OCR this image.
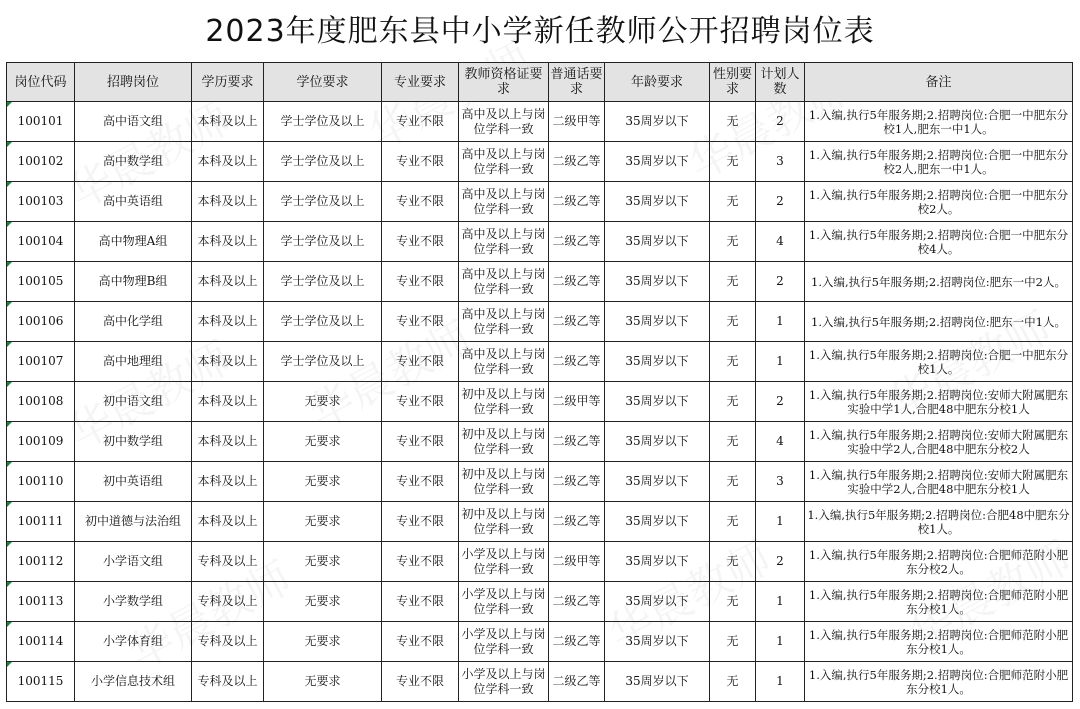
2023年度肥东县中小学新任教师公开招聘岗位表
岗位代码	招聘岗位	学历要求	学位要求	专业要求	教师资格证要求	普通话要求	年龄要求	性别要求	计划人数	备注
100101	高中语文组	本科及以上	学士学位及以上	专业不限	高中及以上与岗位学科一致	二级甲等	35周岁以下	无	2	1.入编,执行5年服务期;2.招聘岗位:合肥一中肥东分校1人,肥东一中1人。
100102	高中数学组	本科及以上	学士学位及以上	专业不限	高中及以上与岗位学科一致	二级乙等	35周岁以下	无	3	1.入编,执行5年服务期;2.招聘岗位:合肥一中肥东分校2人,肥东一中1人。
100103	高中英语组	本科及以上	学士学位及以上	专业不限	高中及以上与岗位学科一致	二级乙等	35周岁以下	无	2	1.入编,执行5年服务期;2.招聘岗位:合肥一中肥东分校2人。
100104	高中物理A组	本科及以上	学士学位及以上	专业不限	高中及以上与岗位学科一致	二级乙等	35周岁以下	无	4	1.入编,执行5年服务期;2.招聘岗位:合肥一中肥东分校4人。
100105	高中物理B组	本科及以上	学士学位及以上	专业不限	高中及以上与岗位学科一致	二级乙等	35周岁以下	无	2	1.入编,执行5年服务期;2.招聘岗位:肥东一中2人。
100106	高中化学组	本科及以上	学士学位及以上	专业不限	高中及以上与岗位学科一致	二级乙等	35周岁以下	无	1	1.入编,执行5年服务期;2.招聘岗位:肥东一中1人。
100107	高中地理组	本科及以上	学士学位及以上	专业不限	高中及以上与岗位学科一致	二级乙等	35周岁以下	无	1	1.入编,执行5年服务期;2.招聘岗位:合肥一中肥东分校1人。
100108	初中语文组	本科及以上	无要求	专业不限	初中及以上与岗位学科一致	二级甲等	35周岁以下	无	2	1.入编,执行5年服务期;2.招聘岗位:安师大附属肥东实验中学1人,合肥48中肥东分校1人
100109	初中数学组	本科及以上	无要求	专业不限	初中及以上与岗位学科一致	二级乙等	35周岁以下	无	4	1.入编,执行5年服务期;2.招聘岗位:安师大附属肥东实验中学2人,合肥48中肥东分校2人
100110	初中英语组	本科及以上	无要求	专业不限	初中及以上与岗位学科一致	二级乙等	35周岁以下	无	3	1.入编,执行5年服务期;2.招聘岗位:安师大附属肥东实验中学2人,合肥48中肥东分校1人
100111	初中道德与法治组	本科及以上	无要求	专业不限	初中及以上与岗位学科一致	二级乙等	35周岁以下	无	1	1.入编,执行5年服务期;2.招聘岗位:合肥48中肥东分校1人。
100112	小学语文组	专科及以上	无要求	专业不限	小学及以上与岗位学科一致	二级甲等	35周岁以下	无	2	1.入编,执行5年服务期;2.招聘岗位:合肥师范附小肥东分校2人。
100113	小学数学组	专科及以上	无要求	专业不限	小学及以上与岗位学科一致	二级乙等	35周岁以下	无	1	1.入编,执行5年服务期;2.招聘岗位:合肥师范附小肥东分校1人。
100114	小学体育组	专科及以上	无要求	专业不限	小学及以上与岗位学科一致	二级乙等	35周岁以下	无	1	1.入编,执行5年服务期;2.招聘岗位:合肥师范附小肥东分校1人。
100115	小学信息技术组	专科及以上	无要求	专业不限	小学及以上与岗位学科一致	二级乙等	35周岁以下	无	1	1.入编,执行5年服务期;2.招聘岗位:合肥师范附小肥东分校1人。
